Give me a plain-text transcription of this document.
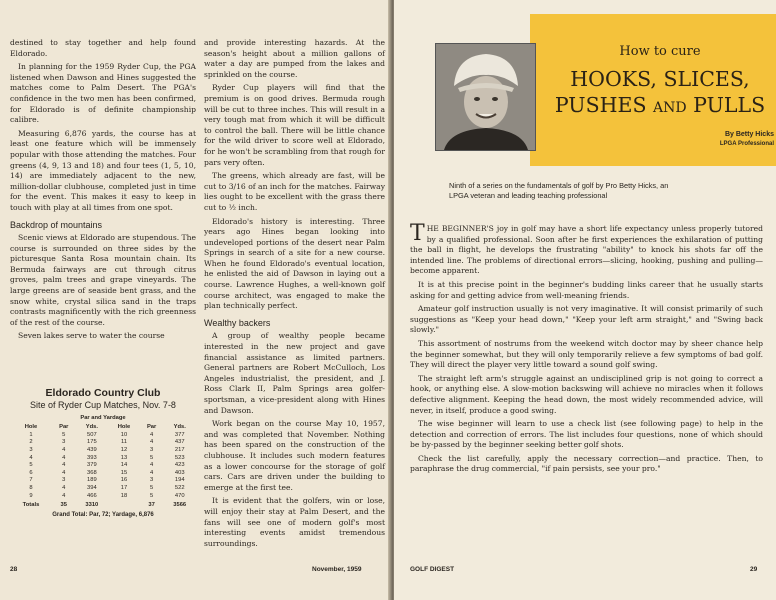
destined to stay together and help found Eldorado.

In planning for the 1959 Ryder Cup, the PGA listened when Dawson and Hines suggested the matches come to Palm Desert. The PGA's confidence in the two men has been confirmed, for Eldorado is of definite championship calibre.

Measuring 6,876 yards, the course has at least one feature which will be immensely popular with those attending the matches. Four greens (4, 9, 13 and 18) and four tees (1, 5, 10, 14) are immediately adjacent to the new, million-dollar clubhouse, completed just in time for the event. This makes it easy to keep in touch with play at all times from one spot.

Backdrop of mountains

Scenic views at Eldorado are stupendous. The course is surrounded on three sides by the picturesque Santa Rosa mountain chain. Its Bermuda fairways are cut through citrus groves, palm trees and grape vineyards. The large greens are of seaside bent grass, and the snow white, crystal silica sand in the traps contrasts magnificently with the rich greenness of the rest of the course.

Seven lakes serve to water the course

and provide interesting hazards. At the season's height about a million gallons of water a day are pumped from the lakes and sprinkled on the course.

Ryder Cup players will find that the premium is on good drives. Bermuda rough will be cut to three inches. This will result in a very tough mat from which it will be difficult to control the ball. There will be little chance for the wild driver to score well at Eldorado, for he won't be scrambling from that rough for pars very often.

The greens, which already are fast, will be cut to 3/16 of an inch for the matches. Fairway lies ought to be excellent with the grass there cut to ½ inch.

Eldorado's history is interesting. Three years ago Hines began looking into undeveloped portions of the desert near Palm Springs in search of a site for a new course. When he found Eldorado's eventual location, he enlisted the aid of Dawson in laying out a course. Lawrence Hughes, a well-known golf course architect, was engaged to make the plan technically perfect.

Wealthy backers

A group of wealthy people became interested in the new project and gave financial assistance as limited partners. General partners are Robert McCulloch, Los Angeles industrialist, the president, and J. Ross Clark II, Palm Springs area golfer-sportsman, a vice-president along with Hines and Dawson.

Work began on the course May 10, 1957, and was completed that November. Nothing has been spared on the construction of the clubhouse. It includes such modern features as a lower concourse for the storage of golf cars. Cars are driven under the building to emerge at the first tee.

It is evident that the golfers, win or lose, will enjoy their stay at Palm Desert, and the fans will see one of modern golf's most interesting events amidst tremendous surroundings.

Eldorado Country Club
Site of Ryder Cup Matches, Nov. 7-8
Par and Yardage
Hole	Par	Yds.	Hole	Par	Yds.
1	5	507	10	4	377
2	3	175	11	4	437
3	4	439	12	3	217
4	4	393	13	5	523
5	4	379	14	4	423
6	4	368	15	4	403
7	3	189	16	3	194
8	4	394	17	5	522
9	4	466	18	5	470
Totals	35	3310		37	3566
Grand Total: Par, 72; Yardage, 6,876
28	November, 1959
How to cure
HOOKS, SLICES,
PUSHES and PULLS
By Betty Hicks
LPGA Professional
Ninth of a series on the fundamentals of golf by Pro Betty Hicks, an LPGA veteran and leading teaching professional

THE BEGINNER'S joy in golf may have a short life expectancy unless properly tutored by a qualified professional. Soon after he first experiences the exhilaration of putting the ball in flight, he develops the frustrating "ability" to knock his shots far off the intended line. The problems of directional errors—slicing, hooking, pushing and pulling—become apparent.

It is at this precise point in the beginner's budding links career that he usually starts asking for and getting advice from well-meaning friends.

Amateur golf instruction usually is not very imaginative. It will consist primarily of such suggestions as "Keep your head down," "Keep your left arm straight," and "Swing back slowly."

This assortment of nostrums from the weekend witch doctor may by sheer chance help the beginner somewhat, but they will only temporarily relieve a few symptoms of bad golf. They will direct the player very little toward a sound golf swing.

The straight left arm's struggle against an undisciplined grip is not going to correct a hook, or anything else. A slow-motion backswing will achieve no miracles when it follows defective alignment. Keeping the head down, the most widely recommended advice, will never, in itself, produce a good swing.

The wise beginner will learn to use a check list (see following page) to help in the detection and correction of errors. The list includes four questions, none of which should be by-passed by the beginner seeking better golf shots.

Check the list carefully, apply the necessary correction—and practice. Then, to paraphrase the drug commercial, "if pain persists, see your pro."

GOLF DIGEST	29
